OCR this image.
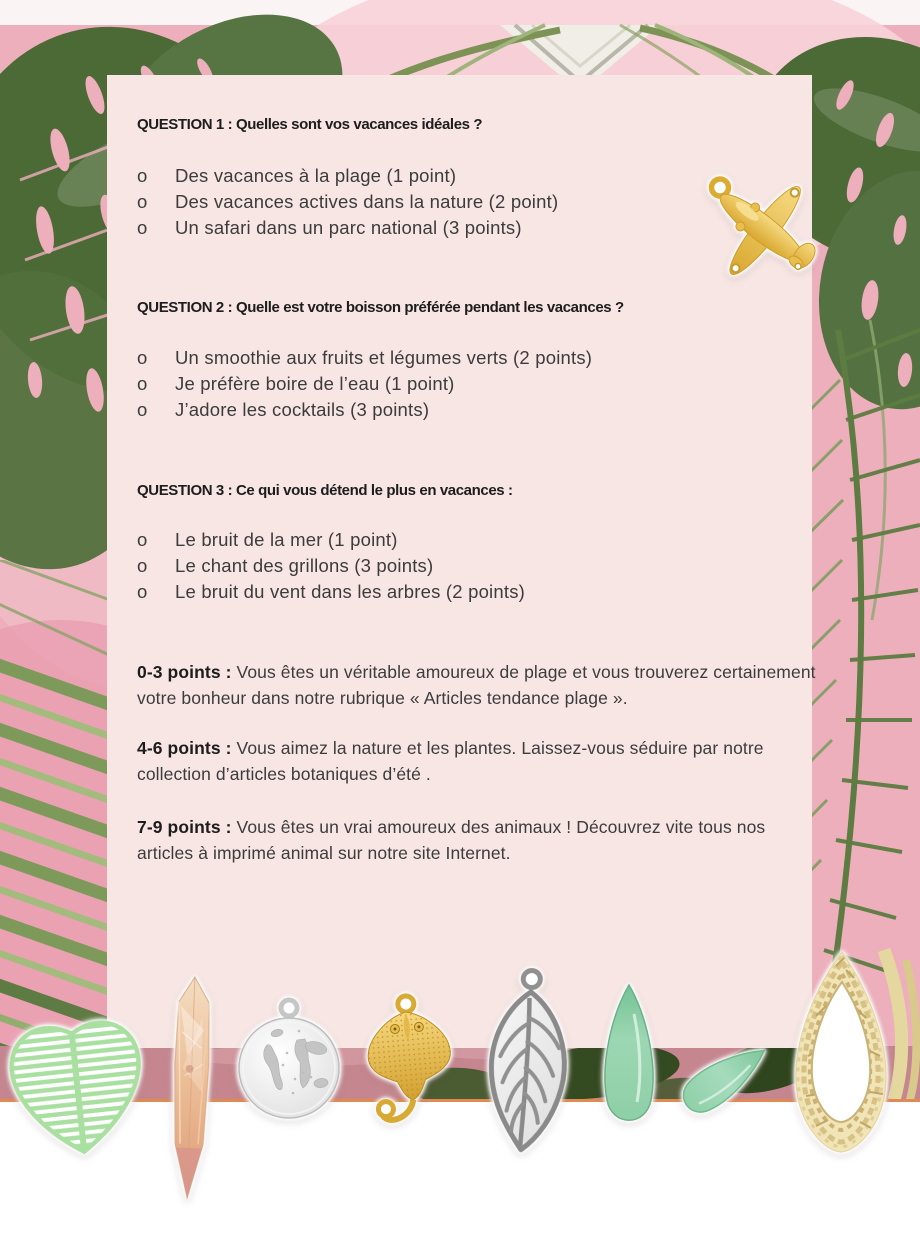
QUESTION 1 : Quelles sont vos vacances idéales ?
o Des vacances à la plage (1 point)
o Des vacances actives dans la nature (2 point)
o Un safari dans un parc national (3 points)
QUESTION 2 : Quelle est votre boisson préférée pendant les vacances ?
o Un smoothie aux fruits et légumes verts (2 points)
o Je préfère boire de l’eau (1 point)
o J’adore les cocktails (3 points)
QUESTION 3 : Ce qui vous détend le plus en vacances :
o Le bruit de la mer (1 point)
o Le chant des grillons (3 points)
o Le bruit du vent dans les arbres (2 points)

0-3 points : Vous êtes un véritable amoureux de plage et vous trouverez certainement votre bonheur dans notre rubrique « Articles tendance plage ».

4-6 points : Vous aimez la nature et les plantes. Laissez-vous séduire par notre collection d’articles botaniques d’été .

7-9 points : Vous êtes un vrai amoureux des animaux ! Découvrez vite tous nos articles à imprimé animal sur notre site Internet.
